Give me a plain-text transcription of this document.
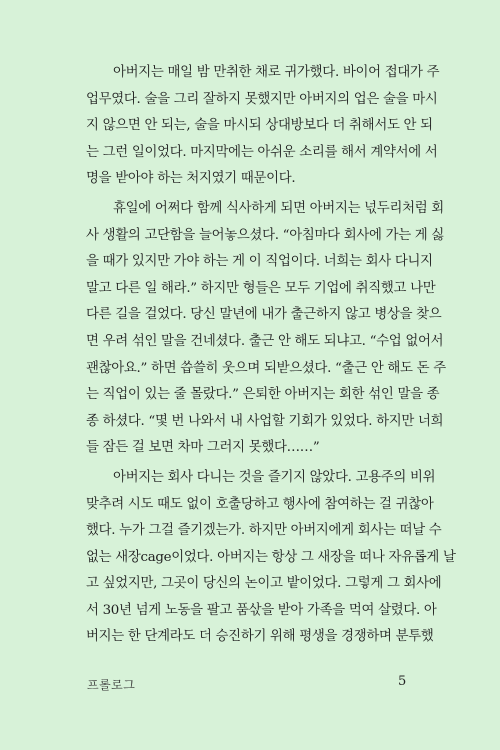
아버지는 매일 밤 만취한 채로 귀가했다. 바이어 접대가 주
업무였다. 술을 그리 잘하지 못했지만 아버지의 업은 술을 마시
지 않으면 안 되는, 술을 마시되 상대방보다 더 취해서도 안 되
는 그런 일이었다. 마지막에는 아쉬운 소리를 해서 계약서에 서
명을 받아야 하는 처지였기 때문이다.
휴일에 어쩌다 함께 식사하게 되면 아버지는 넋두리처럼 회
사 생활의 고단함을 늘어놓으셨다. “아침마다 회사에 가는 게 싫
을 때가 있지만 가야 하는 게 이 직업이다. 너희는 회사 다니지
말고 다른 일 해라.” 하지만 형들은 모두 기업에 취직했고 나만
다른 길을 걸었다. 당신 말년에 내가 출근하지 않고 병상을 찾으
면 우려 섞인 말을 건네셨다. 출근 안 해도 되냐고. “수업 없어서
괜찮아요.” 하면 씁쓸히 웃으며 되받으셨다. “출근 안 해도 돈 주
는 직업이 있는 줄 몰랐다.” 은퇴한 아버지는 회한 섞인 말을 종
종 하셨다. “몇 번 나와서 내 사업할 기회가 있었다. 하지만 너희
들 잠든 걸 보면 차마 그러지 못했다……”
아버지는 회사 다니는 것을 즐기지 않았다. 고용주의 비위
맞추려 시도 때도 없이 호출당하고 행사에 참여하는 걸 귀찮아
했다. 누가 그걸 즐기겠는가. 하지만 아버지에게 회사는 떠날 수
없는 새장cage이었다. 아버지는 항상 그 새장을 떠나 자유롭게 날
고 싶었지만, 그곳이 당신의 논이고 밭이었다. 그렇게 그 회사에
서 30년 넘게 노동을 팔고 품삯을 받아 가족을 먹여 살렸다. 아
버지는 한 단계라도 더 승진하기 위해 평생을 경쟁하며 분투했
프롤로그	5
